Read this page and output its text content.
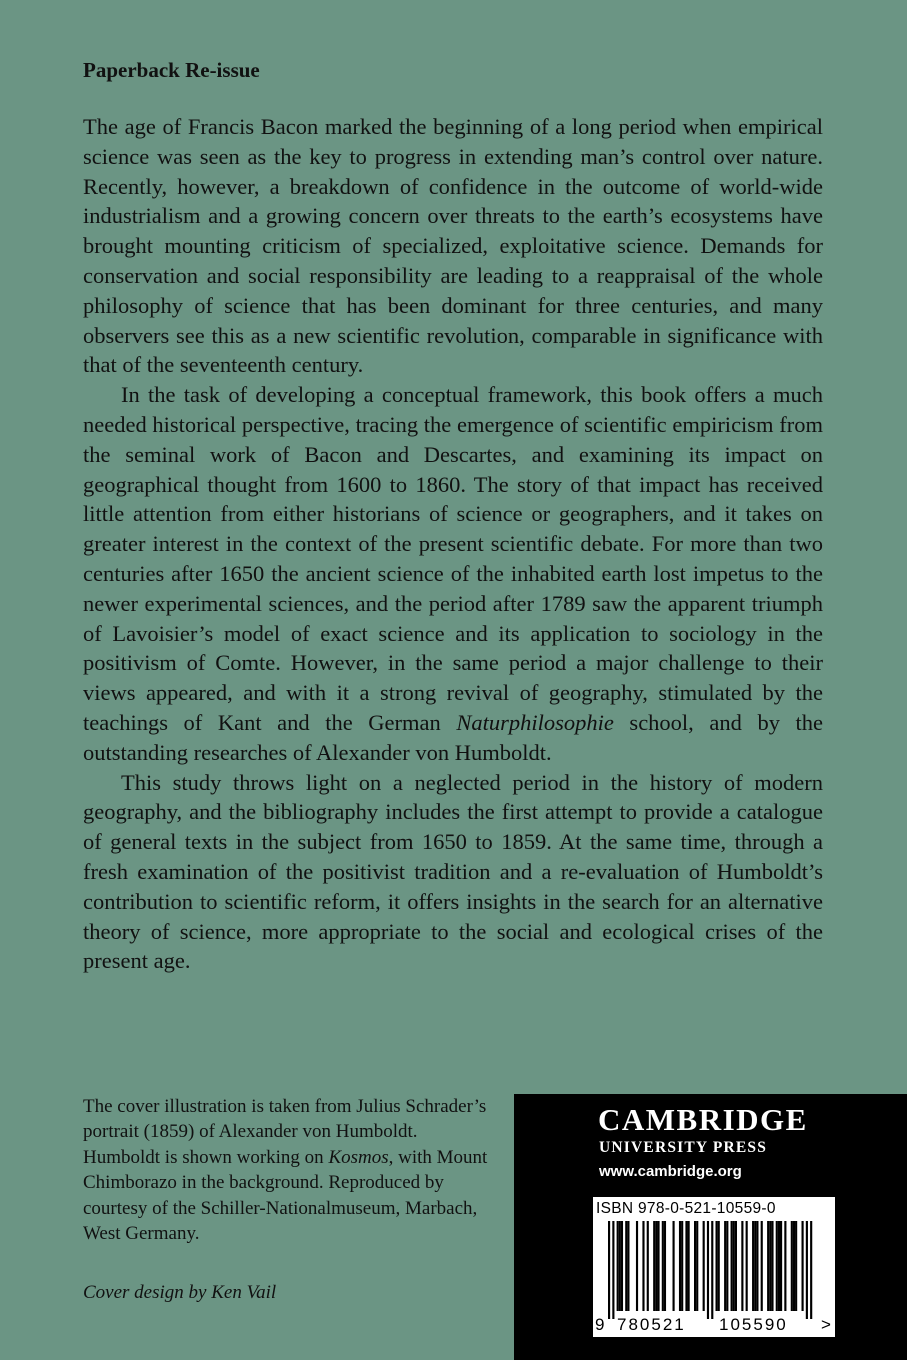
Paperback Re-issue

The age of Francis Bacon marked the beginning of a long period when empirical science was seen as the key to progress in extending man’s control over nature. Recently, however, a breakdown of confidence in the outcome of world-wide industrialism and a growing concern over threats to the earth’s ecosystems have brought mounting criticism of specialized, exploitative science. Demands for conservation and social responsibility are leading to a reappraisal of the whole philosophy of science that has been dominant for three centuries, and many observers see this as a new scientific revolution, comparable in significance with that of the seventeenth century.

In the task of developing a conceptual framework, this book offers a much needed historical perspective, tracing the emergence of scientific empiricism from the seminal work of Bacon and Descartes, and examining its impact on geographical thought from 1600 to 1860. The story of that impact has received little attention from either historians of science or geographers, and it takes on greater interest in the context of the present scientific debate. For more than two centuries after 1650 the ancient science of the inhabited earth lost impetus to the newer experimental sciences, and the period after 1789 saw the apparent triumph of Lavoisier’s model of exact science and its application to sociology in the positivism of Comte. However, in the same period a major challenge to their views appeared, and with it a strong revival of geography, stimulated by the teachings of Kant and the German Naturphilosophie school, and by the outstanding researches of Alexander von Humboldt.

This study throws light on a neglected period in the history of modern geography, and the bibliography includes the first attempt to provide a catalogue of general texts in the subject from 1650 to 1859. At the same time, through a fresh examination of the positivist tradition and a re-evaluation of Humboldt’s contribution to scientific reform, it offers insights in the search for an alternative theory of science, more appropriate to the social and ecological crises of the present age.

The cover illustration is taken from Julius Schrader’s portrait (1859) of Alexander von Humboldt. Humboldt is shown working on Kosmos, with Mount Chimborazo in the background. Reproduced by courtesy of the Schiller-Nationalmuseum, Marbach, West Germany.

Cover design by Ken Vail

CAMBRIDGE

UNIVERSITY PRESS

www.cambridge.org

ISBN 978-0-521-10559-0

9 780521 105590 >
